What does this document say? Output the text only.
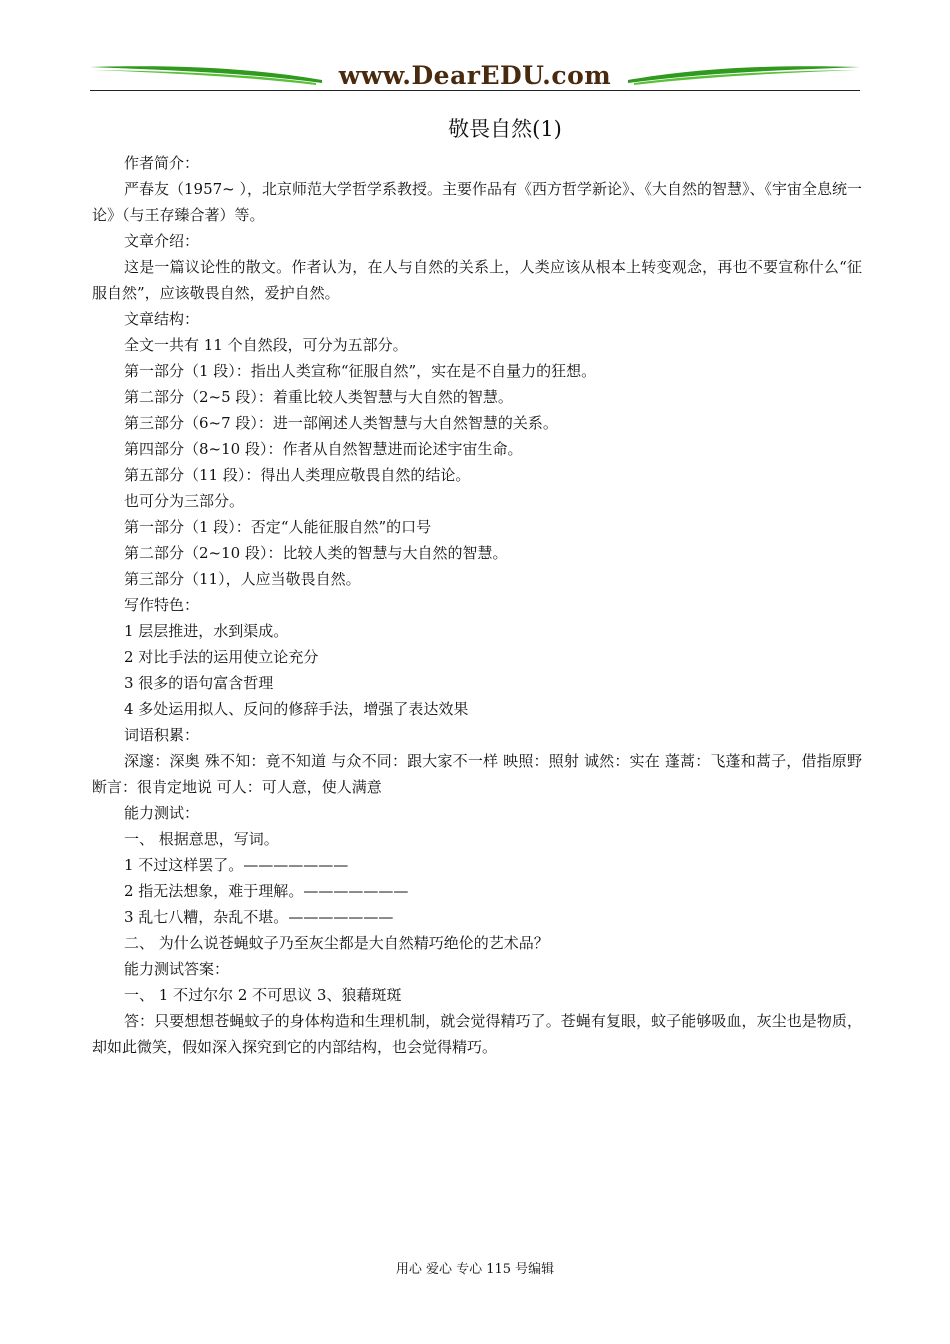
www.DearEDU.com
敬畏自然(1)

作者简介：

严春友（1957~ ），北京师范大学哲学系教授。主要作品有《西方哲学新论》、《大自然的智慧》、《宇宙全息统一论》（与王存臻合著）等。

文章介绍：

这是一篇议论性的散文。作者认为，在人与自然的关系上，人类应该从根本上转变观念，再也不要宣称什么“征服自然”，应该敬畏自然，爱护自然。

文章结构：

全文一共有 11 个自然段，可分为五部分。

第一部分（1 段）：指出人类宣称“征服自然”，实在是不自量力的狂想。

第二部分（2~5 段）：着重比较人类智慧与大自然的智慧。

第三部分（6~7 段）：进一部阐述人类智慧与大自然智慧的关系。

第四部分（8~10 段）：作者从自然智慧进而论述宇宙生命。

第五部分（11 段）：得出人类理应敬畏自然的结论。

也可分为三部分。

第一部分（1 段）：否定“人能征服自然”的口号

第二部分（2~10 段）：比较人类的智慧与大自然的智慧。

第三部分（11），人应当敬畏自然。

写作特色：

1 层层推进，水到渠成。

2 对比手法的运用使立论充分

3 很多的语句富含哲理

4 多处运用拟人、反问的修辞手法，增强了表达效果

词语积累：

深邃：深奥 殊不知：竟不知道 与众不同：跟大家不一样 映照：照射 诚然：实在 蓬蒿：飞蓬和蒿子，借指原野 断言：很肯定地说 可人：可人意，使人满意

能力测试：

一、 根据意思，写词。

1 不过这样罢了。———————

2 指无法想象，难于理解。———————

3 乱七八糟，杂乱不堪。———————

二、 为什么说苍蝇蚊子乃至灰尘都是大自然精巧绝伦的艺术品？

能力测试答案：

一、 1 不过尔尔 2 不可思议 3、狼藉斑斑

答：只要想想苍蝇蚊子的身体构造和生理机制，就会觉得精巧了。苍蝇有复眼，蚊子能够吸血，灰尘也是物质，却如此微笑，假如深入探究到它的内部结构，也会觉得精巧。

用心 爱心 专心 115 号编辑
